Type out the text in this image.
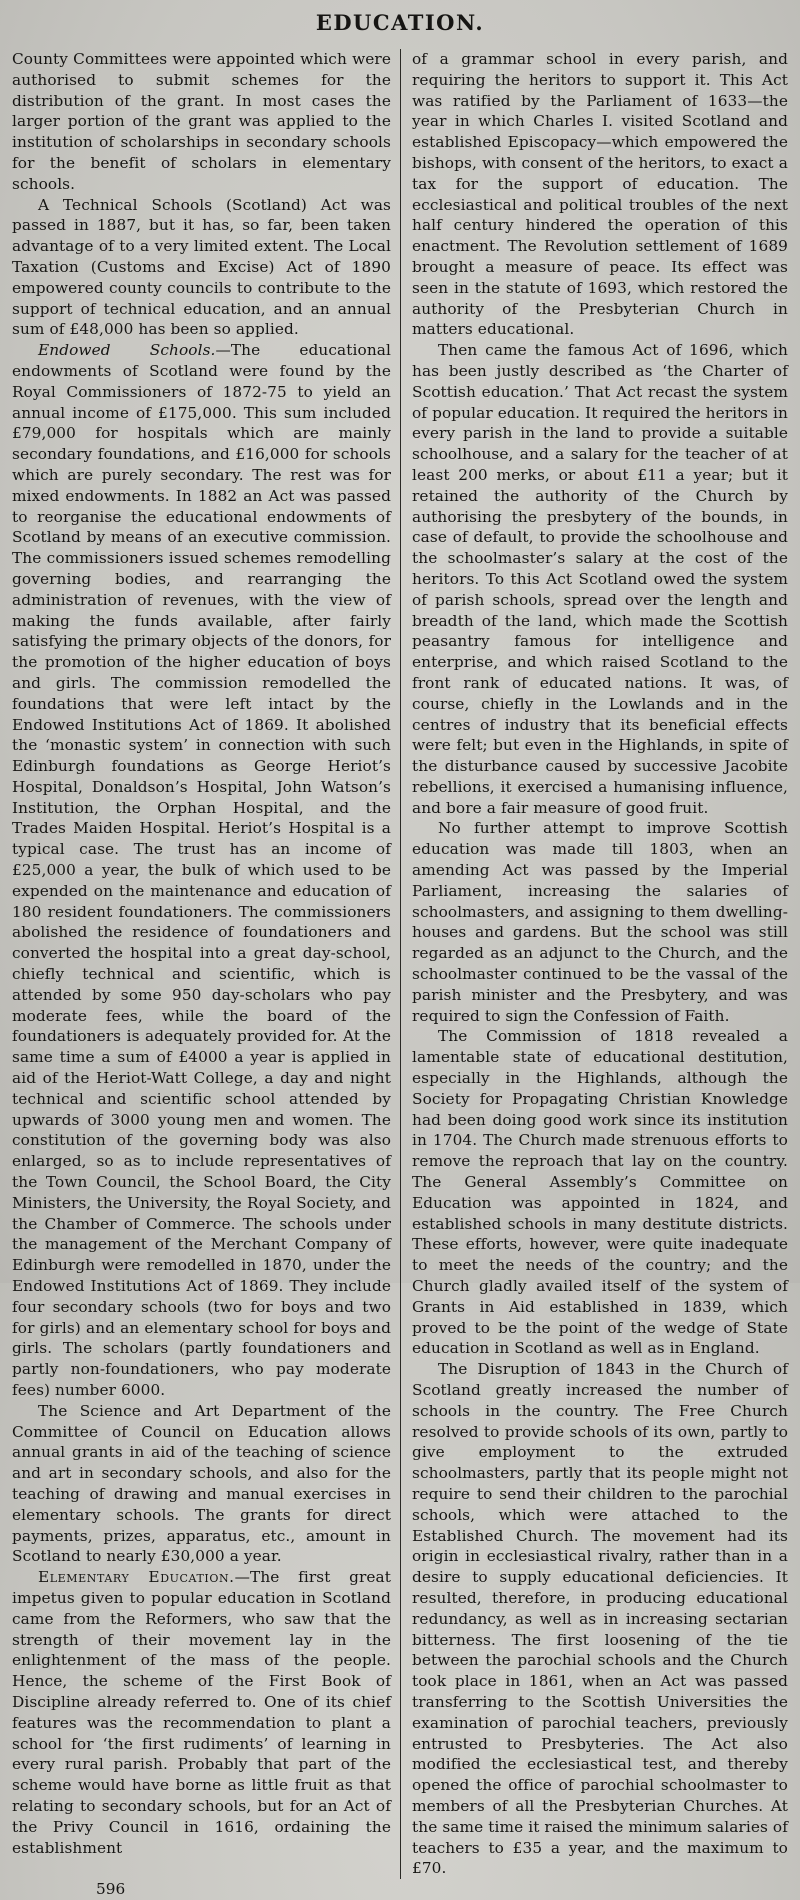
EDUCATION.

County Committees were appointed which were authorised to submit schemes for the distribution of the grant. In most cases the larger portion of the grant was applied to the institution of scholarships in secondary schools for the benefit of scholars in elementary schools.

A Technical Schools (Scotland) Act was passed in 1887, but it has, so far, been taken advantage of to a very limited extent. The Local Taxation (Customs and Excise) Act of 1890 empowered county councils to contribute to the support of technical education, and an annual sum of £48,000 has been so applied.

Endowed Schools.—The educational endowments of Scotland were found by the Royal Commissioners of 1872-75 to yield an annual income of £175,000. This sum included £79,000 for hospitals which are mainly secondary foundations, and £16,000 for schools which are purely secondary. The rest was for mixed endowments. In 1882 an Act was passed to reorganise the educational endowments of Scotland by means of an executive commission. The commissioners issued schemes remodelling governing bodies, and rearranging the administration of revenues, with the view of making the funds available, after fairly satisfying the primary objects of the donors, for the promotion of the higher education of boys and girls. The commission remodelled the foundations that were left intact by the Endowed Institutions Act of 1869. It abolished the ‘monastic system’ in connection with such Edinburgh foundations as George Heriot’s Hospital, Donaldson’s Hospital, John Watson’s Institution, the Orphan Hospital, and the Trades Maiden Hospital. Heriot’s Hospital is a typical case. The trust has an income of £25,000 a year, the bulk of which used to be expended on the maintenance and education of 180 resident foundationers. The commissioners abolished the residence of foundationers and converted the hospital into a great day-school, chiefly technical and scientific, which is attended by some 950 day-scholars who pay moderate fees, while the board of the foundationers is adequately provided for. At the same time a sum of £4000 a year is applied in aid of the Heriot-Watt College, a day and night technical and scientific school attended by upwards of 3000 young men and women. The constitution of the governing body was also enlarged, so as to include representatives of the Town Council, the School Board, the City Ministers, the University, the Royal Society, and the Chamber of Commerce. The schools under the management of the Merchant Company of Edinburgh were remodelled in 1870, under the Endowed Institutions Act of 1869. They include four secondary schools (two for boys and two for girls) and an elementary school for boys and girls. The scholars (partly foundationers and partly non-foundationers, who pay moderate fees) number 6000.

The Science and Art Department of the Committee of Council on Education allows annual grants in aid of the teaching of science and art in secondary schools, and also for the teaching of drawing and manual exercises in elementary schools. The grants for direct payments, prizes, apparatus, etc., amount in Scotland to nearly £30,000 a year.

Elementary Education.—The first great impetus given to popular education in Scotland came from the Reformers, who saw that the strength of their movement lay in the enlightenment of the mass of the people. Hence, the scheme of the First Book of Discipline already referred to. One of its chief features was the recommendation to plant a school for ‘the first rudiments’ of learning in every rural parish. Probably that part of the scheme would have borne as little fruit as that relating to secondary schools, but for an Act of the Privy Council in 1616, ordaining the establishment

of a grammar school in every parish, and requiring the heritors to support it. This Act was ratified by the Parliament of 1633—the year in which Charles I. visited Scotland and established Episcopacy—which empowered the bishops, with consent of the heritors, to exact a tax for the support of education. The ecclesiastical and political troubles of the next half century hindered the operation of this enactment. The Revolution settlement of 1689 brought a measure of peace. Its effect was seen in the statute of 1693, which restored the authority of the Presbyterian Church in matters educational.

Then came the famous Act of 1696, which has been justly described as ‘the Charter of Scottish education.’ That Act recast the system of popular education. It required the heritors in every parish in the land to provide a suitable schoolhouse, and a salary for the teacher of at least 200 merks, or about £11 a year; but it retained the authority of the Church by authorising the presbytery of the bounds, in case of default, to provide the schoolhouse and the schoolmaster’s salary at the cost of the heritors. To this Act Scotland owed the system of parish schools, spread over the length and breadth of the land, which made the Scottish peasantry famous for intelligence and enterprise, and which raised Scotland to the front rank of educated nations. It was, of course, chiefly in the Lowlands and in the centres of industry that its beneficial effects were felt; but even in the Highlands, in spite of the disturbance caused by successive Jacobite rebellions, it exercised a humanising influence, and bore a fair measure of good fruit.

No further attempt to improve Scottish education was made till 1803, when an amending Act was passed by the Imperial Parliament, increasing the salaries of schoolmasters, and assigning to them dwelling-houses and gardens. But the school was still regarded as an adjunct to the Church, and the schoolmaster continued to be the vassal of the parish minister and the Presbytery, and was required to sign the Confession of Faith.

The Commission of 1818 revealed a lamentable state of educational destitution, especially in the Highlands, although the Society for Propagating Christian Knowledge had been doing good work since its institution in 1704. The Church made strenuous efforts to remove the reproach that lay on the country. The General Assembly’s Committee on Education was appointed in 1824, and established schools in many destitute districts. These efforts, however, were quite inadequate to meet the needs of the country; and the Church gladly availed itself of the system of Grants in Aid established in 1839, which proved to be the point of the wedge of State education in Scotland as well as in England.

The Disruption of 1843 in the Church of Scotland greatly increased the number of schools in the country. The Free Church resolved to provide schools of its own, partly to give employment to the extruded schoolmasters, partly that its people might not require to send their children to the parochial schools, which were attached to the Established Church. The movement had its origin in ecclesiastical rivalry, rather than in a desire to supply educational deficiencies. It resulted, therefore, in producing educational redundancy, as well as in increasing sectarian bitterness. The first loosening of the tie between the parochial schools and the Church took place in 1861, when an Act was passed transferring to the Scottish Universities the examination of parochial teachers, previously entrusted to Presbyteries. The Act also modified the ecclesiastical test, and thereby opened the office of parochial schoolmaster to members of all the Presbyterian Churches. At the same time it raised the minimum salaries of teachers to £35 a year, and the maximum to £70.

596
